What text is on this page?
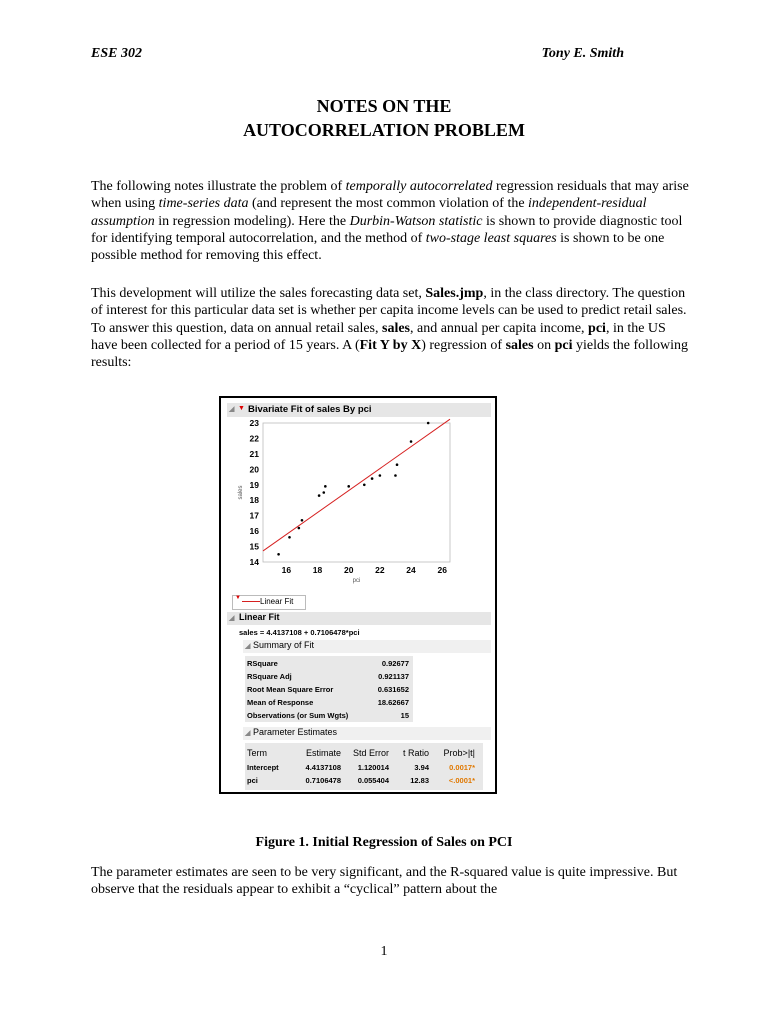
ESE 302	Tony E. Smith
NOTES ON THE
AUTOCORRELATION PROBLEM

The following notes illustrate the problem of temporally autocorrelated regression residuals that may arise when using time-series data (and represent the most common violation of the independent-residual assumption in regression modeling). Here the Durbin-Watson statistic is shown to provide diagnostic tool for identifying temporal autocorrelation, and the method of two-stage least squares is shown to be one possible method for removing this effect.

This development will utilize the sales forecasting data set, Sales.jmp, in the class directory. The question of interest for this particular data set is whether per capita income levels can be used to predict retail sales. To answer this question, data on annual retail sales, sales, and annual per capita income, pci, in the US have been collected for a period of 15 years. A (Fit Y by X) regression of sales on pci yields the following results:

◢ ▼ Bivariate Fit of sales By pci
14
15
16
17
18
19
20
21
22
23
16	18	20	22	24	26
sales
pci
▼ Linear Fit
◢ Linear Fit
sales = 4.4137108 + 0.7106478*pci
◢ Summary of Fit
RSquare	0.92677
RSquare Adj	0.921137
Root Mean Square Error	0.631652
Mean of Response	18.62667
Observations (or Sum Wgts)	15
◢ Parameter Estimates
Term	Estimate	Std Error	t Ratio	Prob>|t|
Intercept	4.4137108	1.120014	3.94	0.0017*
pci	0.7106478	0.055404	12.83	<.0001*
Figure 1. Initial Regression of Sales on PCI

The parameter estimates are seen to be very significant, and the R-squared value is quite impressive. But observe that the residuals appear to exhibit a “cyclical” pattern about the

1
